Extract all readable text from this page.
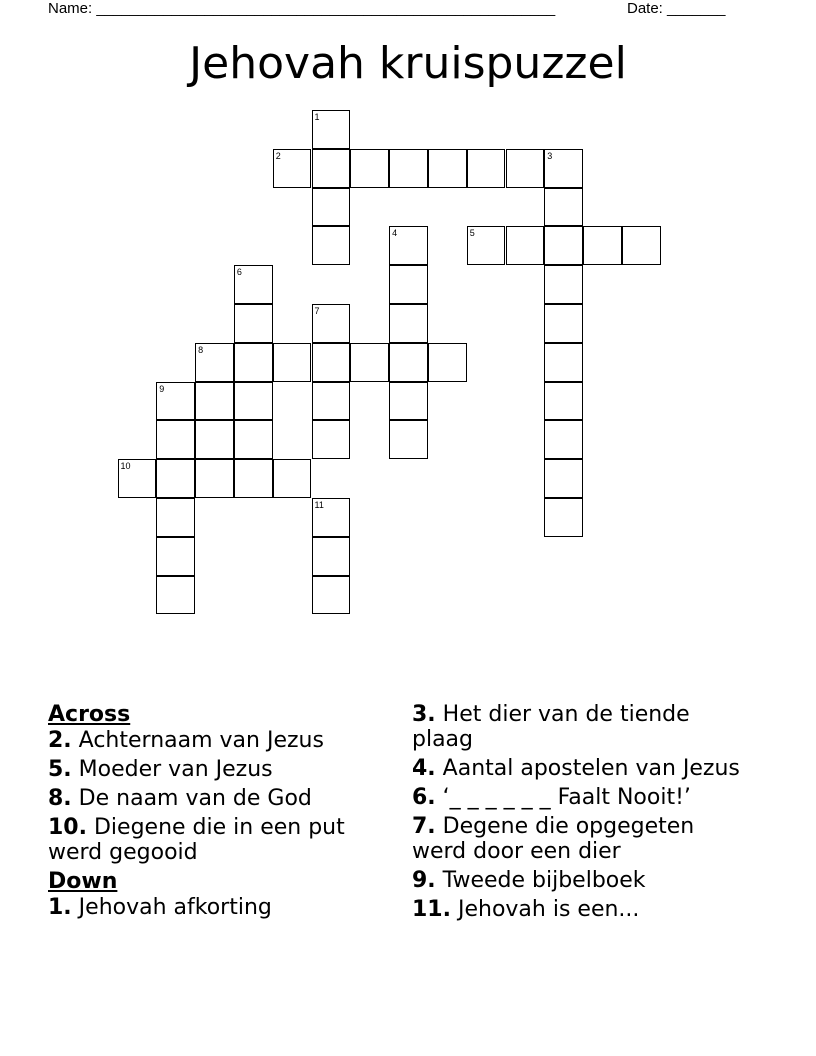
Name: _______________________________________________________	Date: _______
Jehovah kruispuzzel
1
2	3
4	5
6
7
8
9
10
11
Across
2. Achternaam van Jezus
5. Moeder van Jezus
8. De naam van de God
10. Diegene die in een put werd gegooid
Down
1. Jehovah afkorting
3. Het dier van de tiende plaag
4. Aantal apostelen van Jezus
6. ‘_ _ _ _ _ _ Faalt Nooit!’
7. Degene die opgegeten werd door een dier
9. Tweede bijbelboek
11. Jehovah is een...
